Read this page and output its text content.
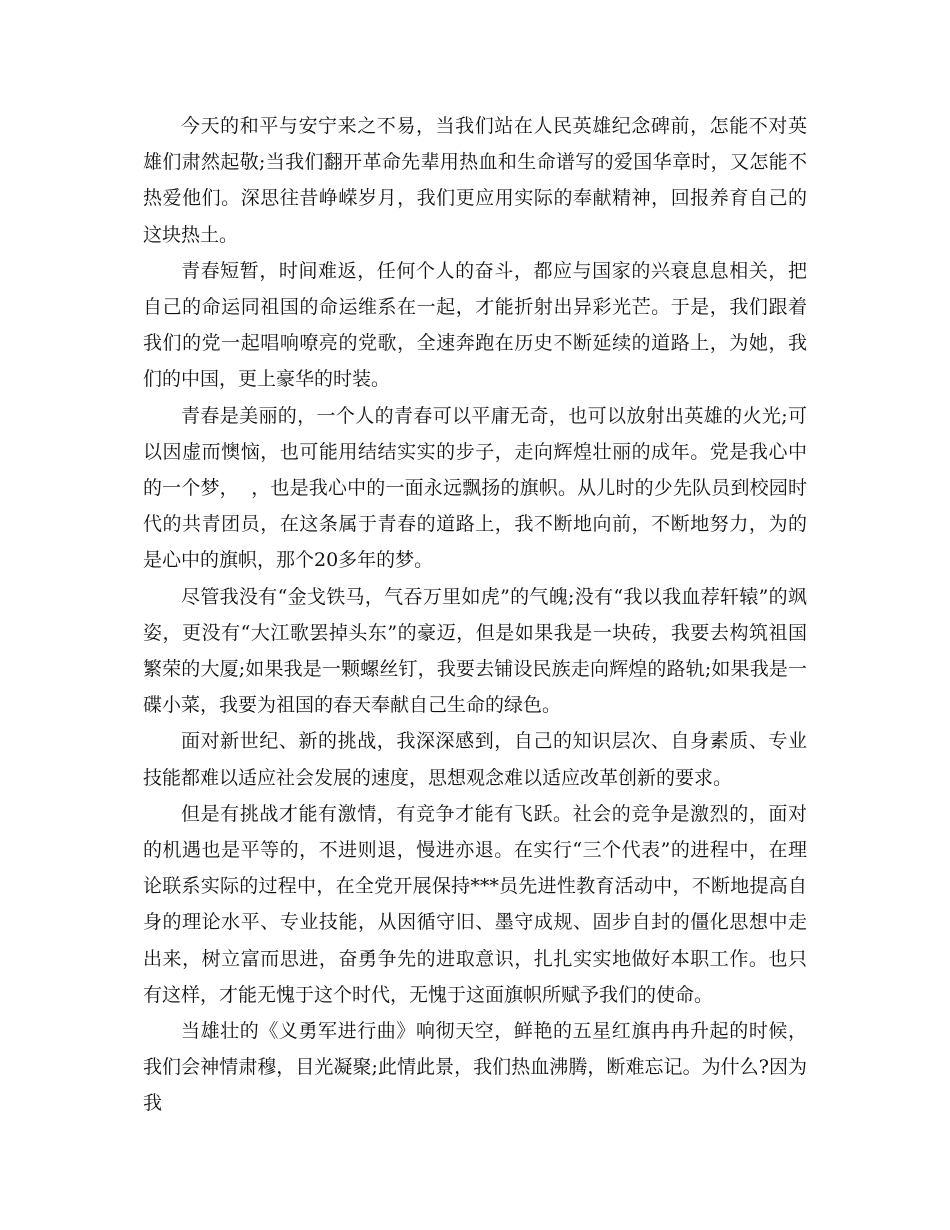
今天的和平与安宁来之不易，当我们站在人民英雄纪念碑前，怎能不对英雄们肃然起敬;当我们翻开革命先辈用热血和生命谱写的爱国华章时，又怎能不热爱他们。深思往昔峥嵘岁月，我们更应用实际的奉献精神，回报养育自己的这块热土。

青春短暂，时间难返，任何个人的奋斗，都应与国家的兴衰息息相关，把自己的命运同祖国的命运维系在一起，才能折射出异彩光芒。于是，我们跟着我们的党一起唱响嘹亮的党歌，全速奔跑在历史不断延续的道路上，为她，我们的中国，更上豪华的时装。

青春是美丽的，一个人的青春可以平庸无奇，也可以放射出英雄的火光;可以因虚而懊恼，也可能用结结实实的步子，走向辉煌壮丽的成年。党是我心中的一个梦，  ，也是我心中的一面永远飘扬的旗帜。从儿时的少先队员到校园时代的共青团员，在这条属于青春的道路上，我不断地向前，不断地努力，为的是心中的旗帜，那个20多年的梦。

尽管我没有“金戈铁马，气吞万里如虎”的气魄;没有“我以我血荐轩辕”的飒姿，更没有“大江歌罢掉头东”的豪迈，但是如果我是一块砖，我要去构筑祖国繁荣的大厦;如果我是一颗螺丝钉，我要去铺设民族走向辉煌的路轨;如果我是一碟小菜，我要为祖国的春天奉献自己生命的绿色。

面对新世纪、新的挑战，我深深感到，自己的知识层次、自身素质、专业技能都难以适应社会发展的速度，思想观念难以适应改革创新的要求。

但是有挑战才能有激情，有竞争才能有飞跃。社会的竞争是激烈的，面对的机遇也是平等的，不进则退，慢进亦退。在实行“三个代表”的进程中，在理论联系实际的过程中，在全党开展保持***员先进性教育活动中，不断地提高自身的理论水平、专业技能，从因循守旧、墨守成规、固步自封的僵化思想中走出来，树立富而思进，奋勇争先的进取意识，扎扎实实地做好本职工作。也只有这样，才能无愧于这个时代，无愧于这面旗帜所赋予我们的使命。

当雄壮的《义勇军进行曲》响彻天空，鲜艳的五星红旗冉冉升起的时候，我们会神情肃穆，目光凝聚;此情此景，我们热血沸腾，断难忘记。为什么?因为我
